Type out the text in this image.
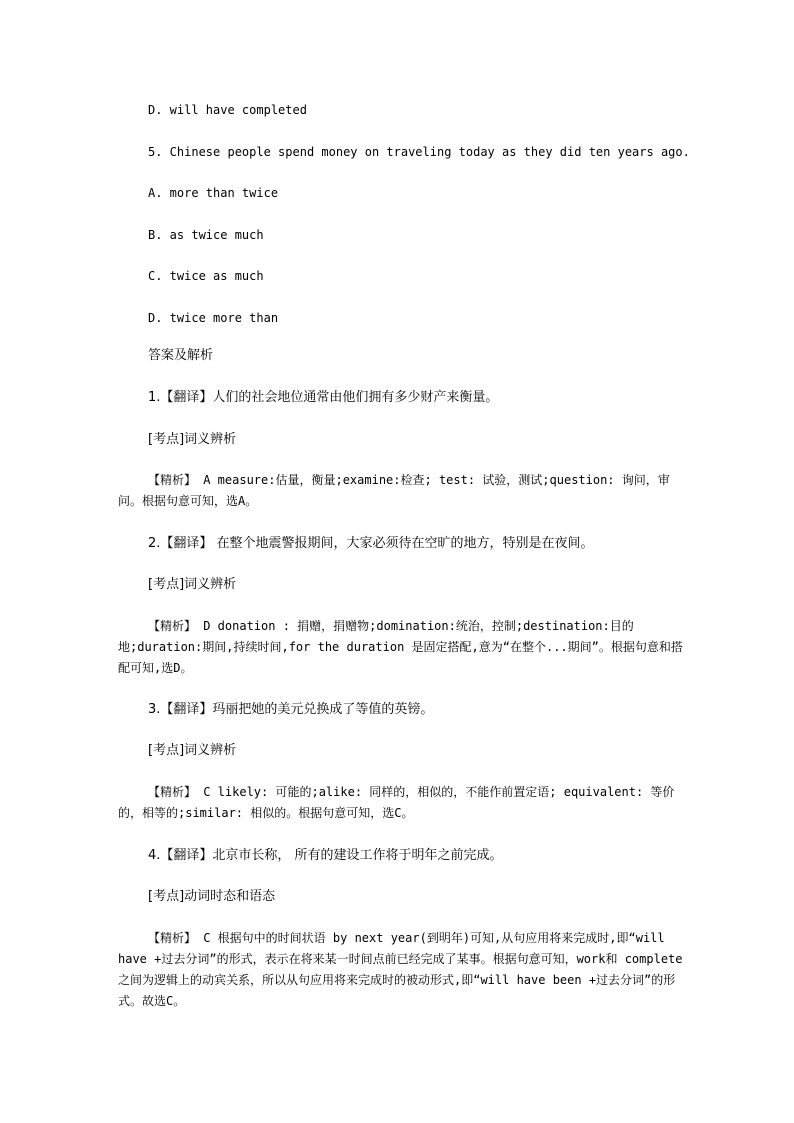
D. will have completed
5. Chinese people spend money on traveling today as they did ten years ago.
A. more than twice
B. as twice much
C. twice as much
D. twice more than
答案及解析
1.【翻译】人们的社会地位通常由他们拥有多少财产来衡量。
[考点]词义辨析
【精析】 A measure:估量，衡量;examine:检查; test: 试验，测试;question: 询问，审问。根据句意可知，选A。
2.【翻译】 在整个地震警报期间，大家必须待在空旷的地方，特别是在夜间。
[考点]词义辨析
【精析】 D donation : 捐赠，捐赠物;domination:统治，控制;destination:目的地;duration:期间,持续时间,for the duration 是固定搭配,意为“在整个...期间”。根据句意和搭配可知,选D。
3.【翻译】玛丽把她的美元兑换成了等值的英镑。
[考点]词义辨析
【精析】 C likely: 可能的;alike: 同样的，相似的，不能作前置定语; equivalent: 等价的，相等的;similar: 相似的。根据句意可知，选C。
4.【翻译】北京市长称， 所有的建设工作将于明年之前完成。
[考点]动词时态和语态
【精析】 C 根据句中的时间状语 by next year(到明年)可知,从句应用将来完成时,即“will have +过去分词”的形式，表示在将来某一时间点前已经完成了某事。根据句意可知，work和 complete之间为逻辑上的动宾关系，所以从句应用将来完成时的被动形式,即“will have been +过去分词”的形式。故选C。
